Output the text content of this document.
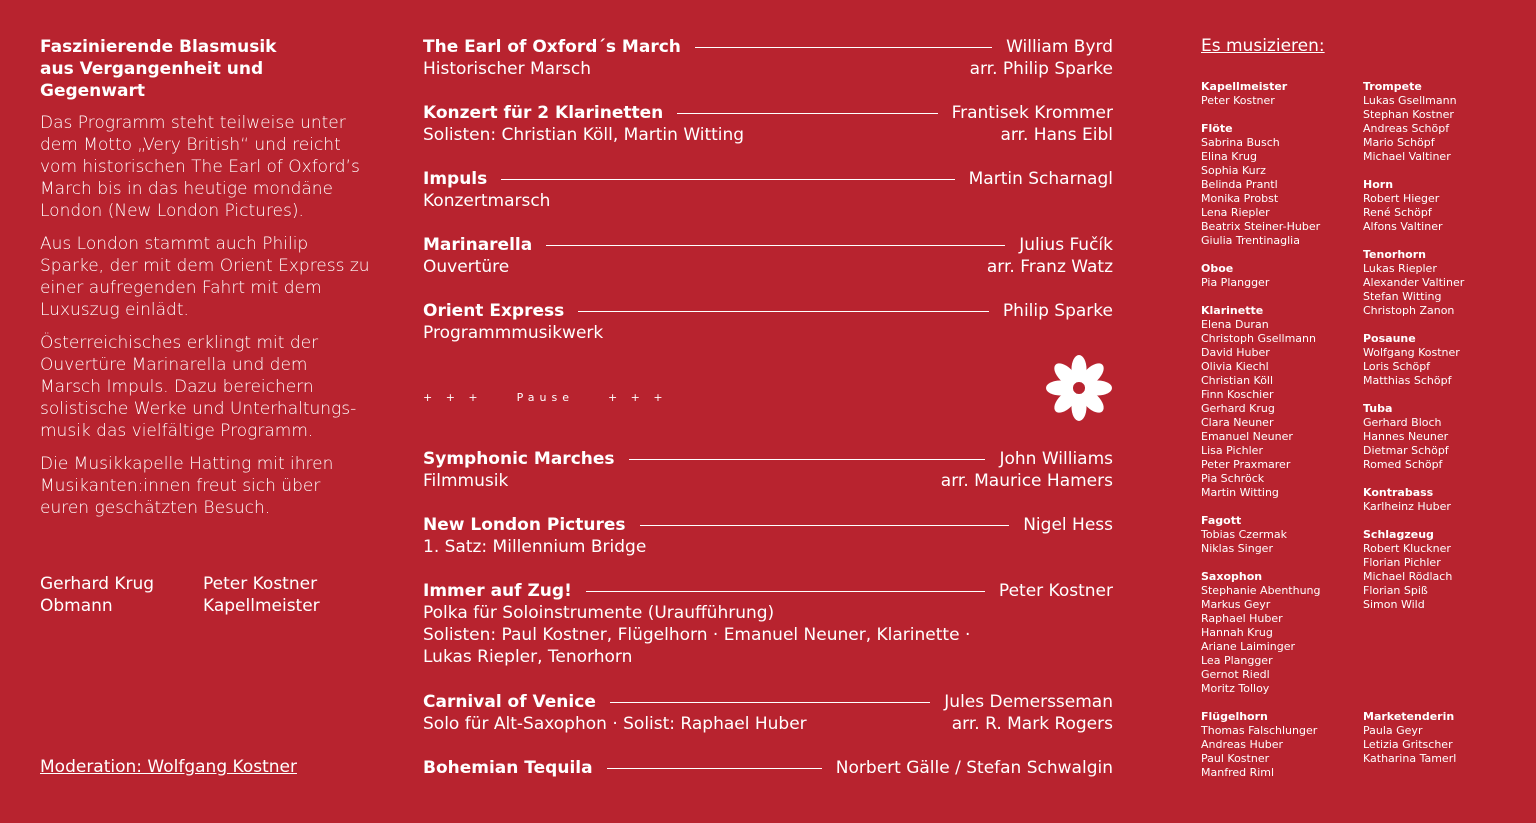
Faszinierende Blasmusik
aus Vergangenheit und Gegenwart

Das Programm steht teilweise unter dem Motto „Very British“ und reicht vom historischen The Earl of Oxford’s March bis in das heutige mondäne London (New London Pictures).

Aus London stammt auch Philip Sparke, der mit dem Orient Express zu einer aufregenden Fahrt mit dem Luxuszug einlädt.

Österreichisches erklingt mit der Ouvertüre Marinarella und dem Marsch Impuls. Dazu bereichern solistische Werke und Unterhaltungs-musik das vielfältige Programm.

Die Musikkapelle Hatting mit ihren Musikanten:innen freut sich über euren geschätzten Besuch.

Gerhard Krug
Obmann
Peter Kostner
Kapellmeister
Moderation: Wolfgang Kostner
+ + +    Pause    + + +
The Earl of Oxford´s March	William Byrd
Historischer Marsch	arr. Philip Sparke
Konzert für 2 Klarinetten	Frantisek Krommer
Solisten: Christian Köll, Martin Witting	arr. Hans Eibl
Impuls	Martin Scharnagl
Konzertmarsch
Marinarella	Julius Fučík
Ouvertüre	arr. Franz Watz
Orient Express	Philip Sparke
Programmmusikwerk
Symphonic Marches	John Williams
Filmmusik	arr. Maurice Hamers
New London Pictures	Nigel Hess
1. Satz: Millennium Bridge
Immer auf Zug!	Peter Kostner
Polka für Soloinstrumente (Uraufführung)
Solisten: Paul Kostner, Flügelhorn · Emanuel Neuner, Klarinette ·
Lukas Riepler, Tenorhorn
Carnival of Venice	Jules Demersseman
Solo für Alt-Saxophon · Solist: Raphael Huber	arr. R. Mark Rogers
Bohemian Tequila	Norbert Gälle / Stefan Schwalgin
Es musizieren:
Kapellmeister
Peter Kostner
Flöte
Sabrina Busch
Elina Krug
Sophia Kurz
Belinda Prantl
Monika Probst
Lena Riepler
Beatrix Steiner-Huber
Giulia Trentinaglia
Oboe
Pia Plangger
Klarinette
Elena Duran
Christoph Gsellmann
David Huber
Olivia Kiechl
Christian Köll
Finn Koschier
Gerhard Krug
Clara Neuner
Emanuel Neuner
Lisa Pichler
Peter Praxmarer
Pia Schröck
Martin Witting
Fagott
Tobias Czermak
Niklas Singer
Saxophon
Stephanie Abenthung
Markus Geyr
Raphael Huber
Hannah Krug
Ariane Laiminger
Lea Plangger
Gernot Riedl
Moritz Tolloy
Flügelhorn
Thomas Falschlunger
Andreas Huber
Paul Kostner
Manfred Riml
Trompete
Lukas Gsellmann
Stephan Kostner
Andreas Schöpf
Mario Schöpf
Michael Valtiner
Horn
Robert Hieger
René Schöpf
Alfons Valtiner
Tenorhorn
Lukas Riepler
Alexander Valtiner
Stefan Witting
Christoph Zanon
Posaune
Wolfgang Kostner
Loris Schöpf
Matthias Schöpf
Tuba
Gerhard Bloch
Hannes Neuner
Dietmar Schöpf
Romed Schöpf
Kontrabass
Karlheinz Huber
Schlagzeug
Robert Kluckner
Florian Pichler
Michael Rödlach
Florian Spiß
Simon Wild
Marketenderin
Paula Geyr
Letizia Gritscher
Katharina Tamerl
